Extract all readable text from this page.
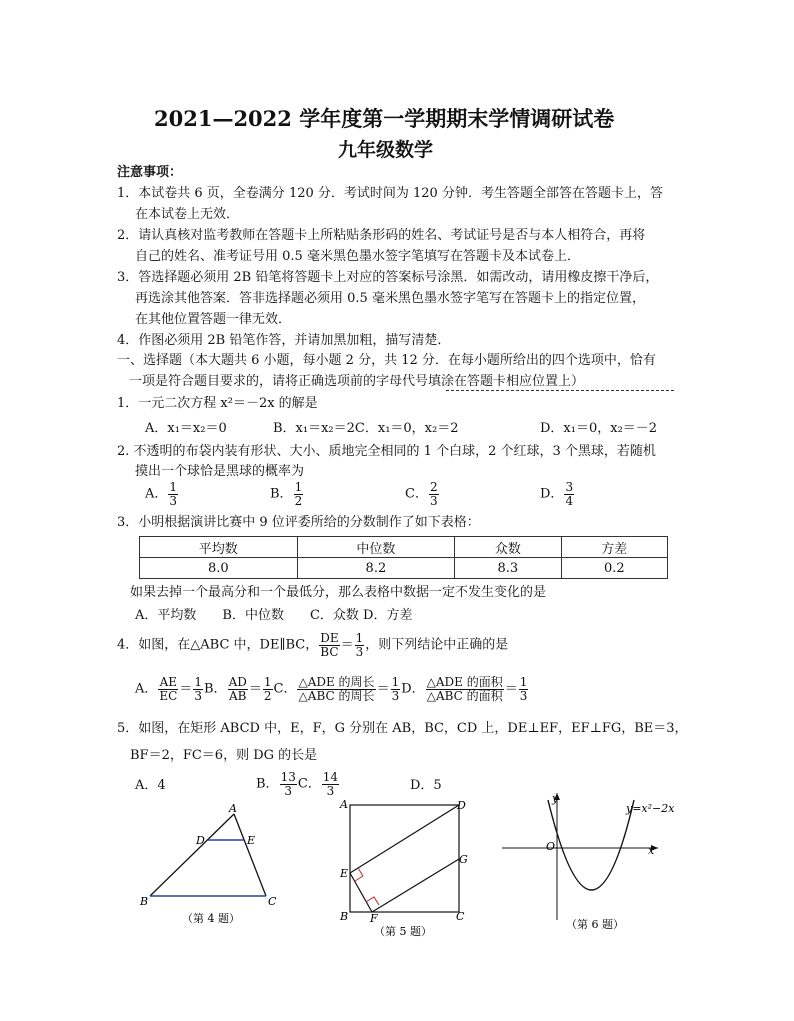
2021—2022 学年度第一学期期末学情调研试卷
九年级数学
注意事项：
1．本试卷共 6 页，全卷满分 120 分．考试时间为 120 分钟．考生答题全部答在答题卡上，答
在本试卷上无效．
2．请认真核对监考教师在答题卡上所粘贴条形码的姓名、考试证号是否与本人相符合，再将
自己的姓名、准考证号用 0.5 毫米黑色墨水签字笔填写在答题卡及本试卷上．
3．答选择题必须用 2B 铅笔将答题卡上对应的答案标号涂黑．如需改动，请用橡皮擦干净后，
再选涂其他答案．答非选择题必须用 0.5 毫米黑色墨水签字笔写在答题卡上的指定位置，
在其他位置答题一律无效．
4．作图必须用 2B 铅笔作答，并请加黑加粗，描写清楚．
一、选择题（本大题共 6 小题，每小题 2 分，共 12 分．在每小题所给出的四个选项中，恰有
一项是符合题目要求的，请将正确选项前的字母代号填涂在答题卡相应位置上）
1．一元二次方程 x²＝－2x 的解是
A．x₁＝x₂＝0	B．x₁＝x₂＝2C．x₁＝0，x₂＝2	D．x₁＝0，x₂＝－2
2. 不透明的布袋内装有形状、大小、质地完全相同的 1 个白球，2 个红球，3 个黑球，若随机
摸出一个球恰是黑球的概率为
A． $\frac{1}{3}$	B． $\frac{1}{2}$	C． $\frac{2}{3}$	D． $\frac{3}{4}$
3．小明根据演讲比赛中 9 位评委所给的分数制作了如下表格：
平均数	中位数	众数	方差
8.0	8.2	8.3	0.2
如果去掉一个最高分和一个最低分，那么表格中数据一定不发生变化的是
A．平均数　　B．中位数　　C．众数 D．方差
4．如图，在△ABC 中，DE∥BC， $\frac{DE}{BC} = \frac{1}{3}$ ，则下列结论中正确的是
A． $\frac{AE}{EC} = \frac{1}{3}$ B． $\frac{AD}{AB} = \frac{1}{2}$ C． $\frac{\text{△ADE 的周长}}{\text{△ABC 的周长}} = \frac{1}{3}$ D． $\frac{\text{△ADE 的面积}}{\text{△ABC 的面积}} = \frac{1}{3}$
5．如图，在矩形 ABCD 中，E，F，G 分别在 AB，BC，CD 上，DE⊥EF，EF⊥FG，BE＝3，
BF＝2，FC＝6，则 DG 的长是
A．4	B． $\frac{13}{3}$ C． $\frac{14}{3}$	D．5
A
D	E
B	C
（第 4 题）
A	D
G
E
B F	C
（第 5 题）
y
O	x
y=x²−2x
（第 6 题）
